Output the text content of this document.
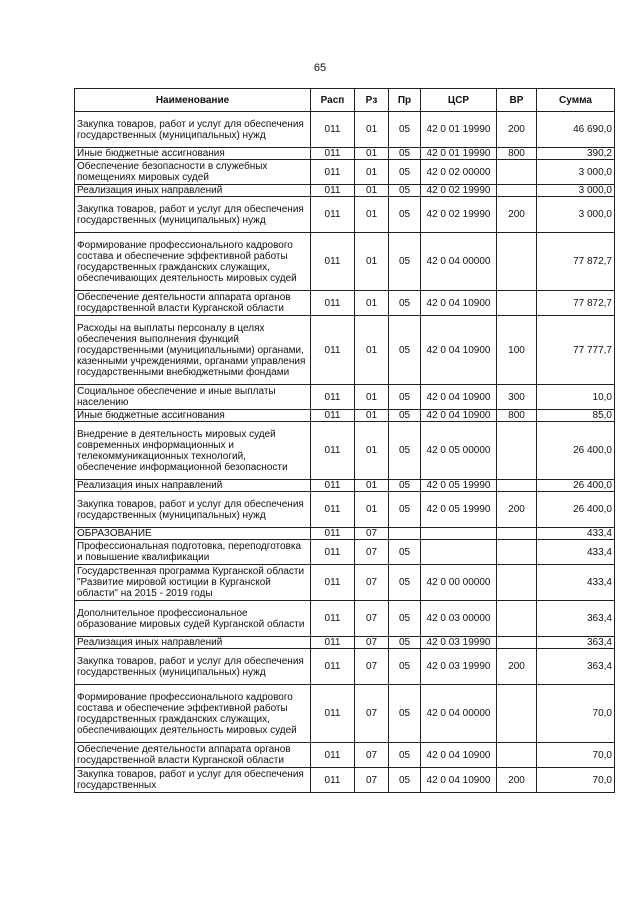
65
Наименование	Расп	Рз	Пр	ЦСР	ВР	Сумма
Закупка товаров, работ и услуг для обеспечения государственных (муниципальных) нужд	011	01	05	42 0 01 19990	200	46 690,0
Иные бюджетные ассигнования	011	01	05	42 0 01 19990	800	390,2
Обеспечение безопасности в служебных помещениях мировых судей	011	01	05	42 0 02 00000		3 000,0
Реализация иных направлений	011	01	05	42 0 02 19990		3 000,0
Закупка товаров, работ и услуг для обеспечения государственных (муниципальных) нужд	011	01	05	42 0 02 19990	200	3 000,0
Формирование профессионального кадрового состава и обеспечение эффективной работы государственных гражданских служащих, обеспечивающих деятельность мировых судей	011	01	05	42 0 04 00000		77 872,7
Обеспечение деятельности аппарата органов государственной власти Курганской области	011	01	05	42 0 04 10900		77 872,7
Расходы на выплаты персоналу в целях обеспечения выполнения функций государственными (муниципальными) органами, казенными учреждениями, органами управления государственными внебюджетными фондами	011	01	05	42 0 04 10900	100	77 777,7
Социальное обеспечение и иные выплаты населению	011	01	05	42 0 04 10900	300	10,0
Иные бюджетные ассигнования	011	01	05	42 0 04 10900	800	85,0
Внедрение в деятельность мировых судей современных информационных и телекоммуникационных технологий, обеспечение информационной безопасности	011	01	05	42 0 05 00000		26 400,0
Реализация иных направлений	011	01	05	42 0 05 19990		26 400,0
Закупка товаров, работ и услуг для обеспечения государственных (муниципальных) нужд	011	01	05	42 0 05 19990	200	26 400,0
ОБРАЗОВАНИЕ	011	07				433,4
Профессиональная подготовка, переподготовка и повышение квалификации	011	07	05			433,4
Государственная программа Курганской области "Развитие мировой юстиции в Курганской области" на 2015 - 2019 годы	011	07	05	42 0 00 00000		433,4
Дополнительное профессиональное образование мировых судей Курганской области	011	07	05	42 0 03 00000		363,4
Реализация иных направлений	011	07	05	42 0 03 19990		363,4
Закупка товаров, работ и услуг для обеспечения государственных (муниципальных) нужд	011	07	05	42 0 03 19990	200	363,4
Формирование профессионального кадрового состава и обеспечение эффективной работы государственных гражданских служащих, обеспечивающих деятельность мировых судей	011	07	05	42 0 04 00000		70,0
Обеспечение деятельности аппарата органов государственной власти Курганской области	011	07	05	42 0 04 10900		70,0
Закупка товаров, работ и услуг для обеспечения государственных	011	07	05	42 0 04 10900	200	70,0
